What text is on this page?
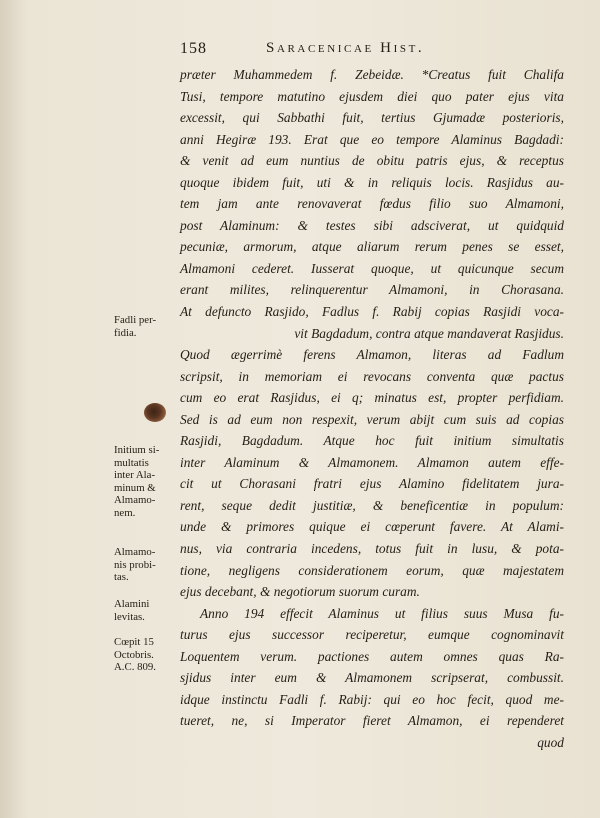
158	Saracenicae Hist.
præter Muhammedem f. Zebeidæ. *Creatus fuit Chalifa
Tusi, tempore matutino ejusdem diei quo pater ejus vita
excessit, qui Sabbathi fuit, tertius Gjumadæ posterioris,
anni Hegiræ 193. Erat que eo tempore Alaminus Bagdadi:
& venit ad eum nuntius de obitu patris ejus, & receptus
quoque ibidem fuit, uti & in reliquis locis. Rasjidus au-
tem jam ante renovaverat fœdus filio suo Almamoni,
post Alaminum: & testes sibi adsciverat, ut quidquid
pecuniæ, armorum, atque aliarum rerum penes se esset,
Almamoni cederet. Iusserat quoque, ut quicunque secum
erant milites, relinquerentur Almamoni, in Chorasana.
At defuncto Rasjido, Fadlus f. Rabij copias Rasjidi voca-
vit Bagdadum, contra atque mandaverat Rasjidus.
Quod ægerrimè ferens Almamon, literas ad Fadlum
scripsit, in memoriam ei revocans conventa quæ pactus
cum eo erat Rasjidus, ei q; minatus est, propter perfidiam.
Sed is ad eum non respexit, verum abijt cum suis ad copias
Rasjidi, Bagdadum. Atque hoc fuit initium simultatis
inter Alaminum & Almamonem. Almamon autem effe-
cit ut Chorasani fratri ejus Alamino fidelitatem jura-
rent, seque dedit justitiæ, & beneficentiæ in populum:
unde & primores quique ei cœperunt favere. At Alami-
nus, via contraria incedens, totus fuit in lusu, & pota-
tione, negligens considerationem eorum, quæ majestatem
ejus decebant, & negotiorum suorum curam.
Anno 194 effecit Alaminus ut filius suus Musa fu-
turus ejus successor reciperetur, eumque cognominavit
Loquentem verum. pactiones autem omnes quas Ra-
sjidus inter eum & Almamonem scripserat, combussit.
idque instinctu Fadli f. Rabij: qui eo hoc fecit, quod me-
tueret, ne, si Imperator fieret Almamon, ei rependeret
quod
Fadli per-
fidia.
Initium si-
multatis
inter Ala-
minum &
Almamo-
nem.
Almamo-
nis probi-
tas.
Alamini
levitas.
Cœpit 15
Octobris.
A.C. 809.
